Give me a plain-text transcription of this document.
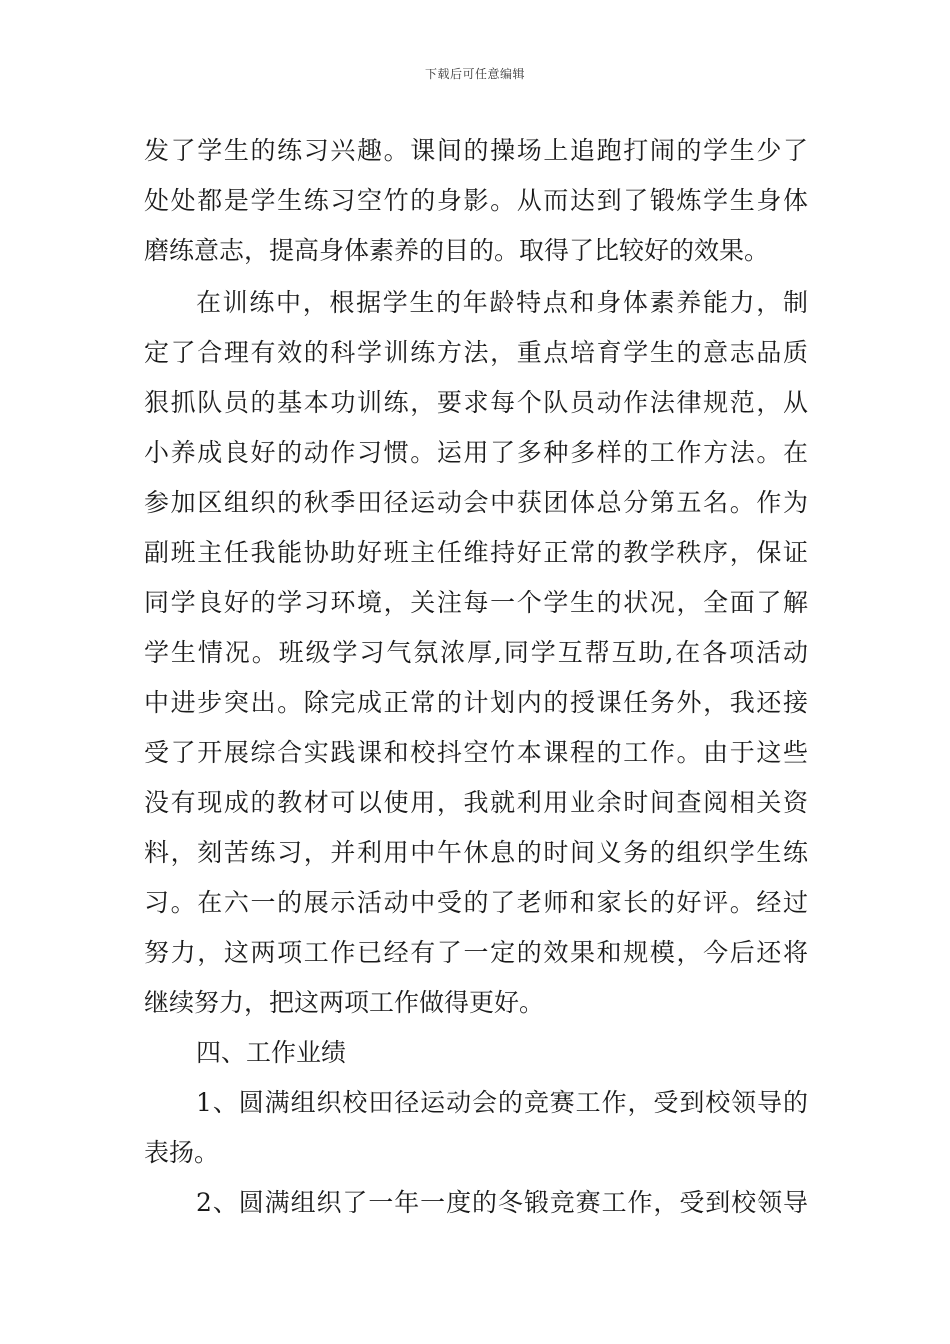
下载后可任意编辑
发了学生的练习兴趣。课间的操场上追跑打闹的学生少了
处处都是学生练习空竹的身影。从而达到了锻炼学生身体
磨练意志，提高身体素养的目的。取得了比较好的效果。
在训练中，根据学生的年龄特点和身体素养能力，制
定了合理有效的科学训练方法，重点培育学生的意志品质
狠抓队员的基本功训练，要求每个队员动作法律规范，从
小养成良好的动作习惯。运用了多种多样的工作方法。在
参加区组织的秋季田径运动会中获团体总分第五名。作为
副班主任我能协助好班主任维持好正常的教学秩序，保证
同学良好的学习环境，关注每一个学生的状况，全面了解
学生情况。班级学习气氛浓厚,同学互帮互助,在各项活动
中进步突出。除完成正常的计划内的授课任务外，我还接
受了开展综合实践课和校抖空竹本课程的工作。由于这些
没有现成的教材可以使用，我就利用业余时间查阅相关资
料，刻苦练习，并利用中午休息的时间义务的组织学生练
习。在六一的展示活动中受的了老师和家长的好评。经过
努力，这两项工作已经有了一定的效果和规模，今后还将
继续努力，把这两项工作做得更好。
四、工作业绩
1、圆满组织校田径运动会的竞赛工作，受到校领导的
表扬。
2、圆满组织了一年一度的冬锻竞赛工作，受到校领导
